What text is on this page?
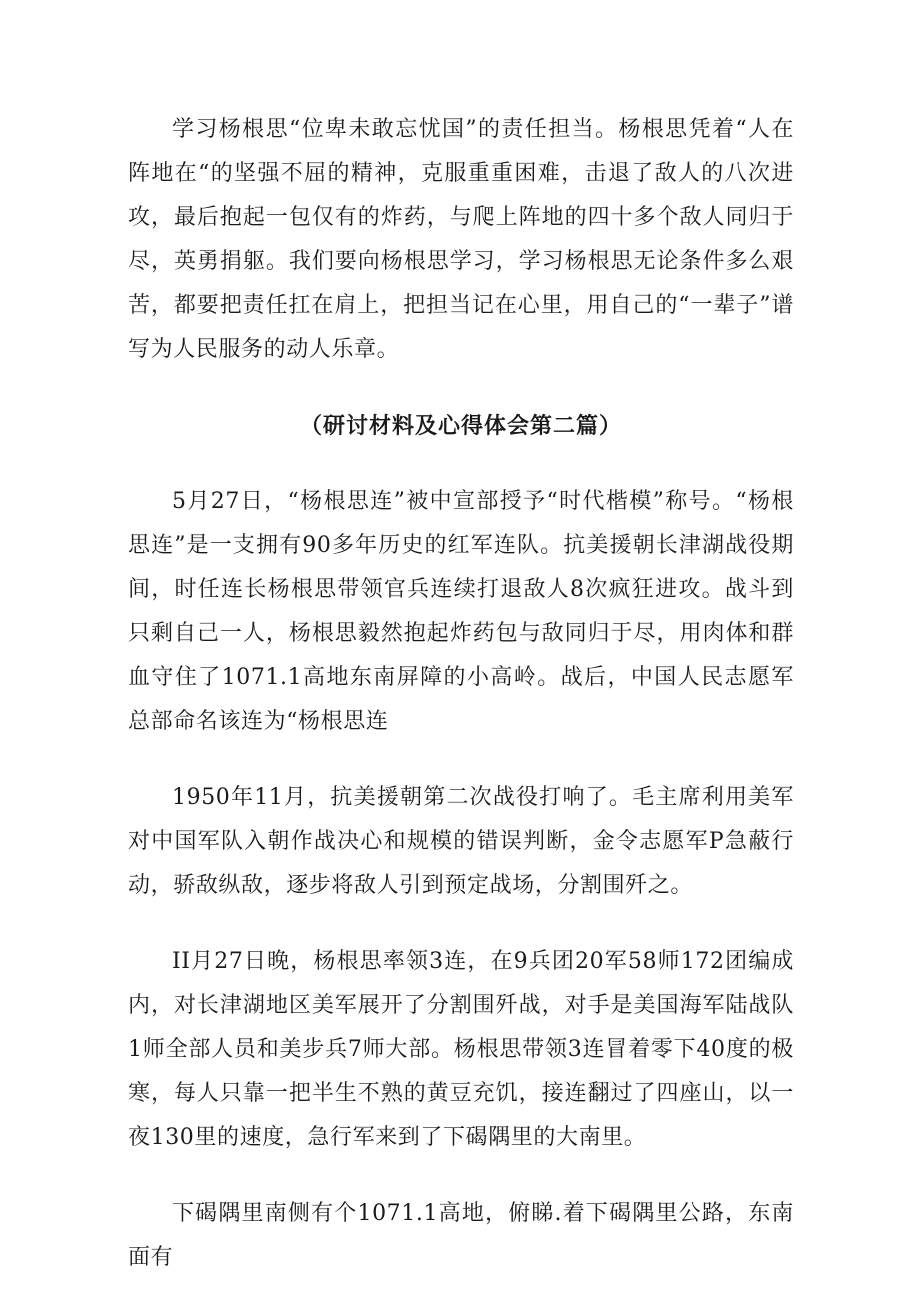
学习杨根思“位卑未敢忘忧国”的责任担当。杨根思凭着“人在阵地在“的坚强不屈的精神，克服重重困难，击退了敌人的八次进攻，最后抱起一包仅有的炸药，与爬上阵地的四十多个敌人同归于尽，英勇捐躯。我们要向杨根思学习，学习杨根思无论条件多么艰苦，都要把责任扛在肩上，把担当记在心里，用自己的“一辈子”谱写为人民服务的动人乐章。

（研讨材料及心得体会第二篇）

5月27日，“杨根思连”被中宣部授予“时代楷模”称号。“杨根思连”是一支拥有90多年历史的红军连队。抗美援朝长津湖战役期间，时任连长杨根思带领官兵连续打退敌人8次疯狂进攻。战斗到只剩自己一人，杨根思毅然抱起炸药包与敌同归于尽，用肉体和群血守住了1071.1高地东南屏障的小高岭。战后，中国人民志愿军总部命名该连为“杨根思连

1950年11月，抗美援朝第二次战役打响了。毛主席利用美军对中国军队入朝作战决心和规模的错误判断，金令志愿军P急蔽行动，骄敌纵敌，逐步将敌人引到预定战场，分割围歼之。

II月27日晚，杨根思率领3连，在9兵团20军58师172团编成内，对长津湖地区美军展开了分割围歼战，对手是美国海军陆战队1师全部人员和美步兵7师大部。杨根思带领3连冒着零下40度的极寒，每人只靠一把半生不熟的黄豆充饥，接连翻过了四座山，以一夜130里的速度，急行军来到了下碣隅里的大南里。

下碣隅里南侧有个1071.1高地，俯睇.着下碣隅里公路，东南面有
